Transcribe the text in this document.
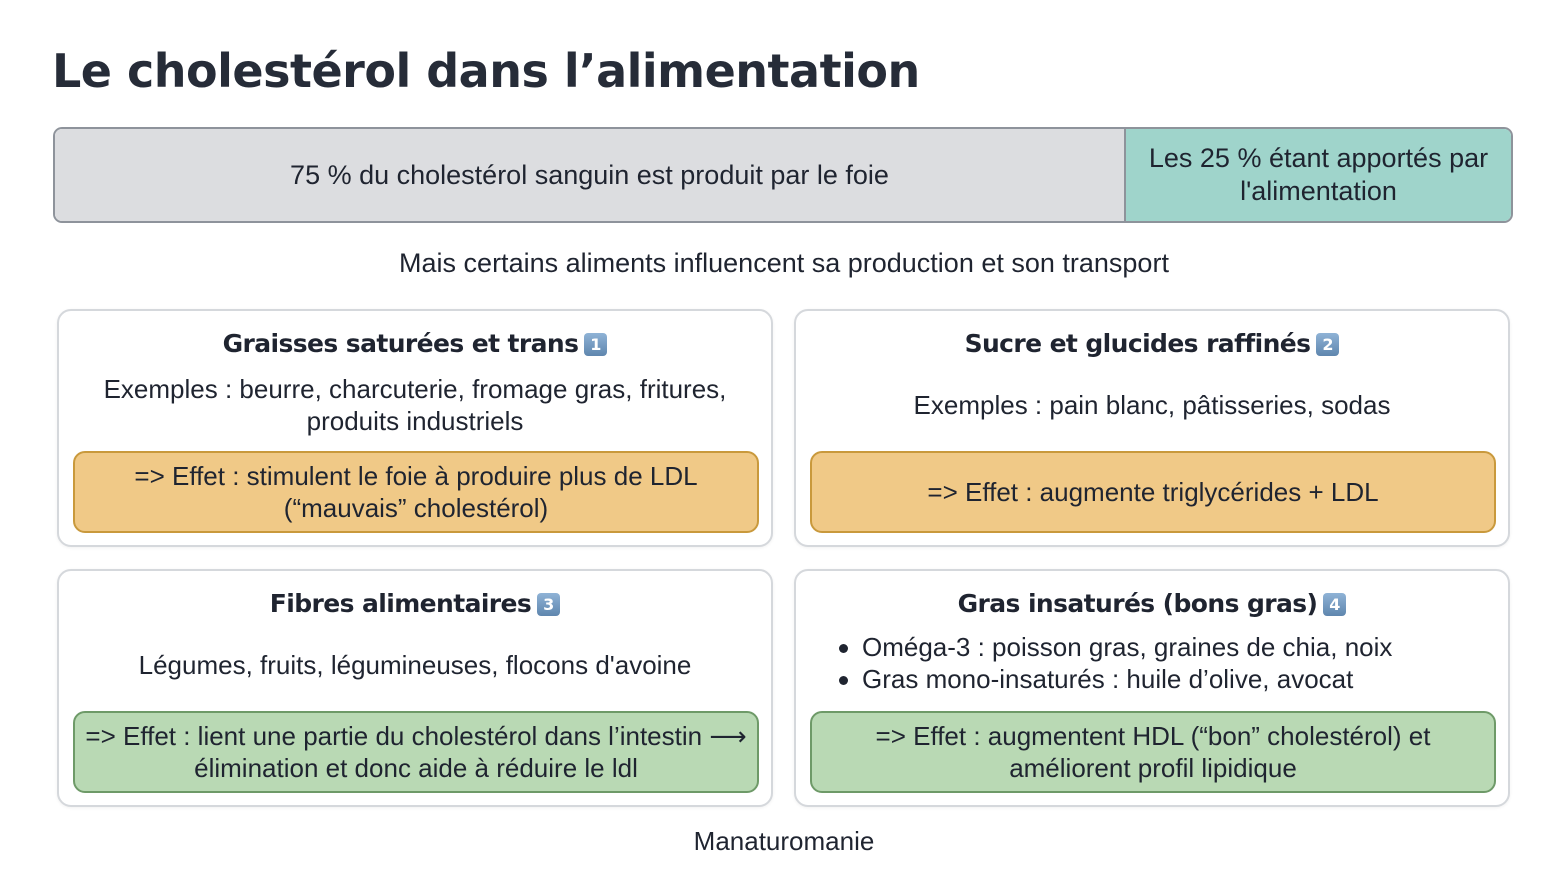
Le cholestérol dans l’alimentation
75 % du cholestérol sanguin est produit par le foie
Les 25 % étant apportés par l'alimentation
Mais certains aliments influencent sa production et son transport
Graisses saturées et trans 1
Exemples : beurre, charcuterie, fromage gras, fritures, produits industriels
=> Effet : stimulent le foie à produire plus de LDL (“mauvais” cholestérol)
Sucre et glucides raffinés 2
Exemples : pain blanc, pâtisseries, sodas
=> Effet : augmente triglycérides + LDL
Fibres alimentaires 3
Légumes, fruits, légumineuses, flocons d'avoine
=> Effet : lient une partie du cholestérol dans l’intestin ⟶ élimination et donc aide à réduire le ldl
Gras insaturés (bons gras) 4
Oméga-3 : poisson gras, graines de chia, noix
Gras mono-insaturés : huile d’olive, avocat
=> Effet : augmentent HDL (“bon” cholestérol) et améliorent profil lipidique
Manaturomanie
